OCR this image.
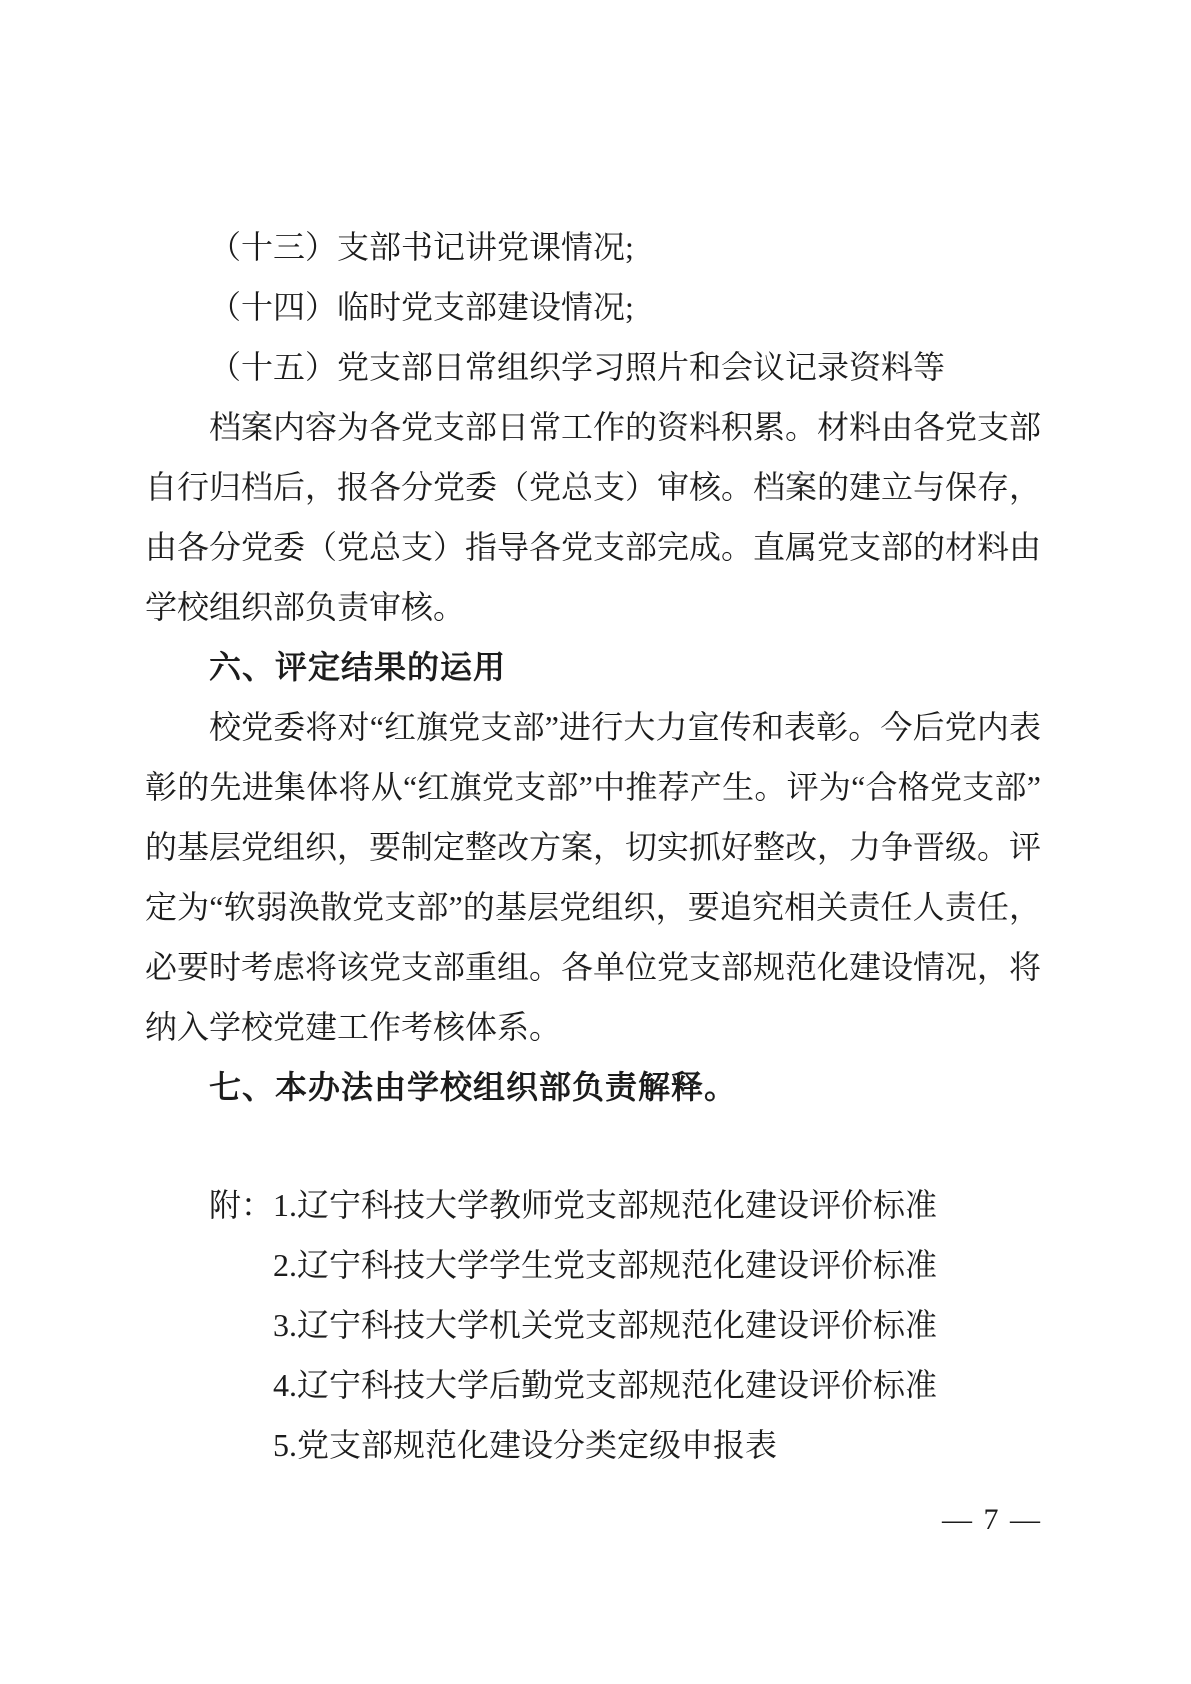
（十三）支部书记讲党课情况;

（十四）临时党支部建设情况;

（十五）党支部日常组织学习照片和会议记录资料等

档案内容为各党支部日常工作的资料积累。材料由各党支部自行归档后，报各分党委（党总支）审核。档案的建立与保存，由各分党委（党总支）指导各党支部完成。直属党支部的材料由学校组织部负责审核。

六、评定结果的运用

校党委将对“红旗党支部”进行大力宣传和表彰。今后党内表彰的先进集体将从“红旗党支部”中推荐产生。评为“合格党支部”的基层党组织，要制定整改方案，切实抓好整改，力争晋级。评定为“软弱涣散党支部”的基层党组织，要追究相关责任人责任，必要时考虑将该党支部重组。各单位党支部规范化建设情况，将纳入学校党建工作考核体系。

七、本办法由学校组织部负责解释。

附：1.辽宁科技大学教师党支部规范化建设评价标准
2.辽宁科技大学学生党支部规范化建设评价标准
3.辽宁科技大学机关党支部规范化建设评价标准
4.辽宁科技大学后勤党支部规范化建设评价标准
5.党支部规范化建设分类定级申报表
— 7 —
